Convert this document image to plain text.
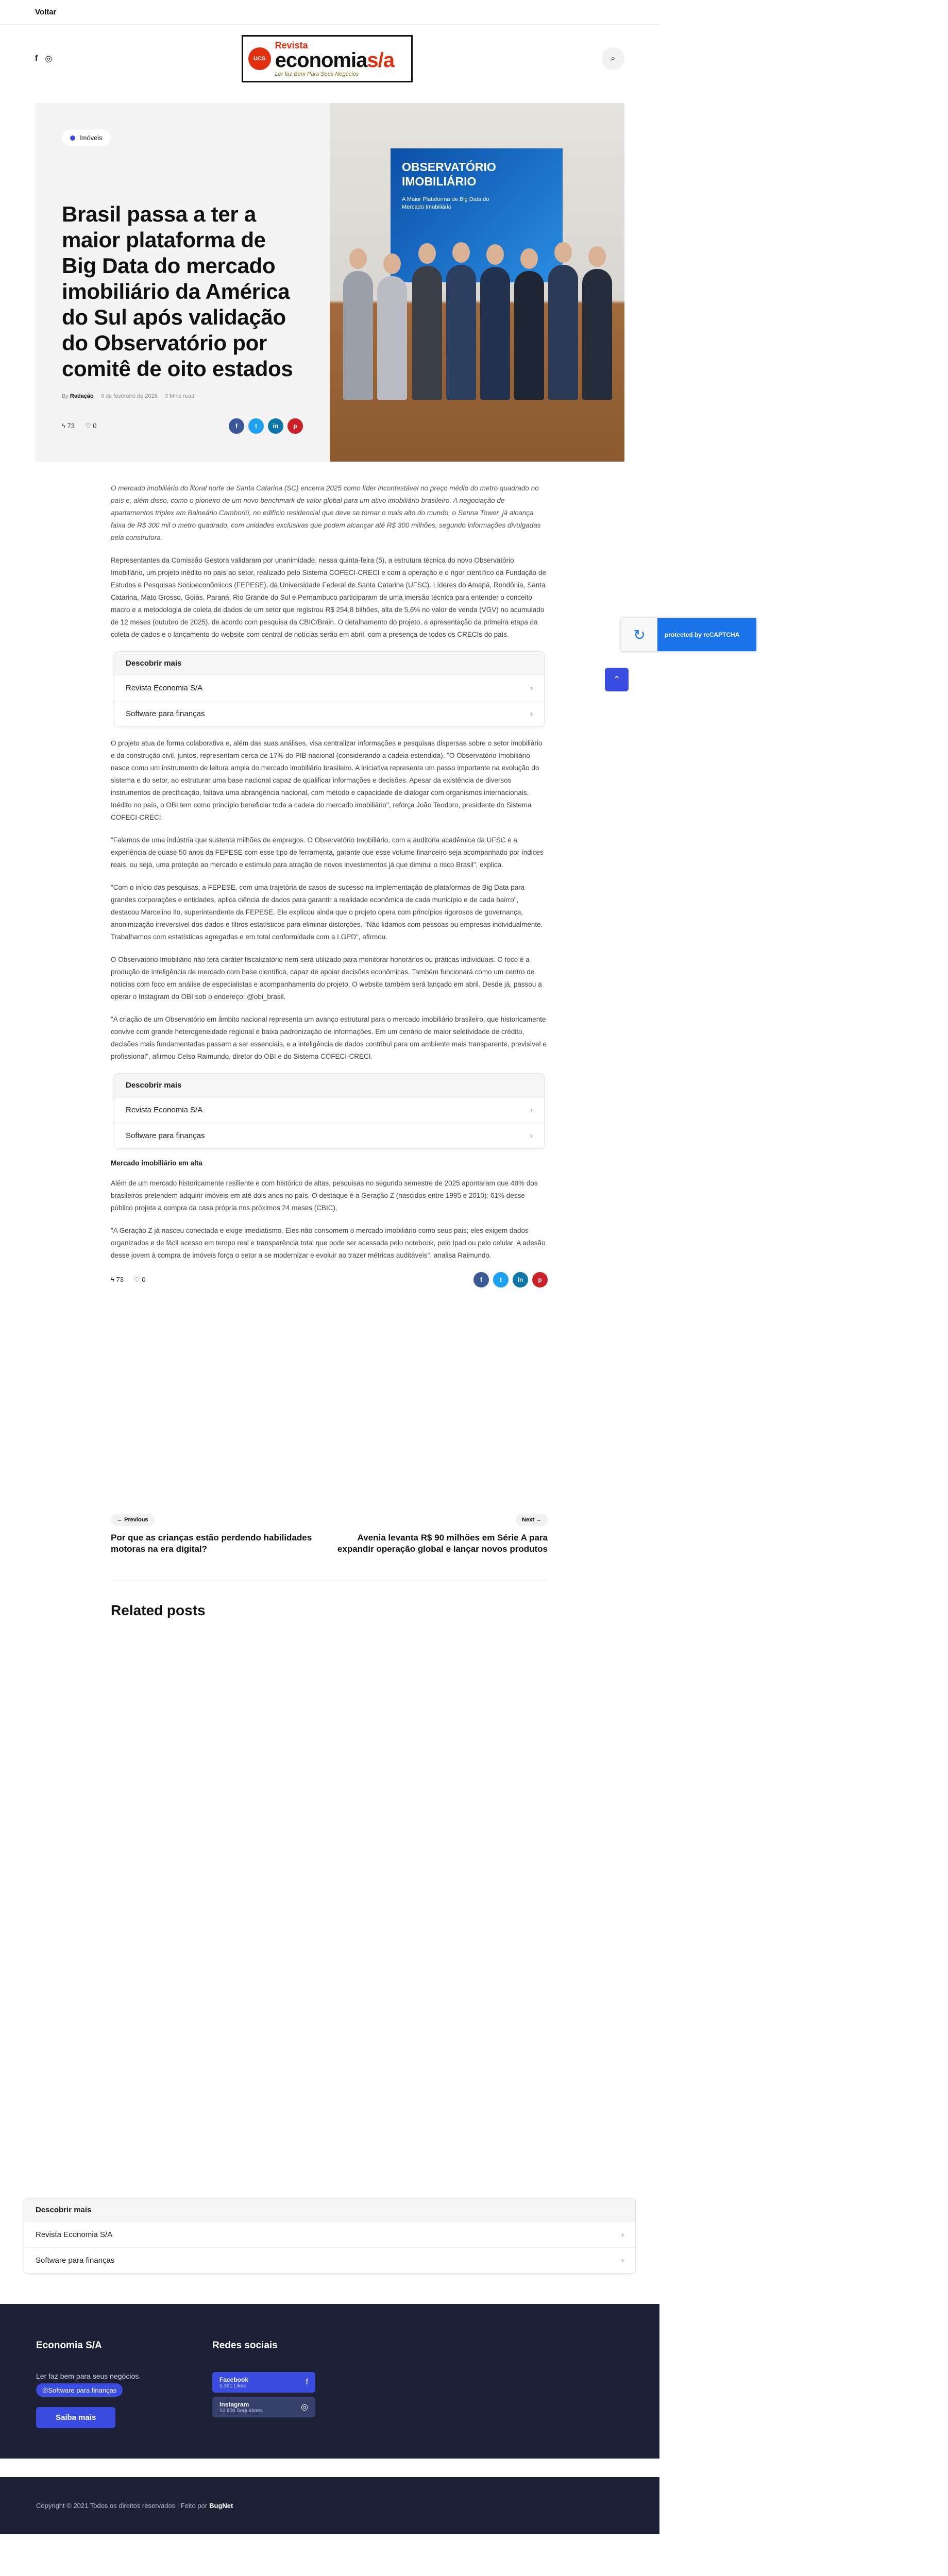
Voltar
f ◎	UCS
Revista
economias/a
Ler faz Bem Para Seus Negócios
⌕
Imóveis
Brasil passa a ter a maior plataforma de Big Data do mercado imobiliário da América do Sul após validação do Observatório por comitê de oito estados
By Redação 9 de fevereiro de 2026 3 Mins read
ϟ 73 ♡ 0	f	t	in	p
OBSERVATÓRIO IMOBILIÁRIO
A Maior Plataforma de Big Data do Mercado Imobiliário

O mercado imobiliário do litoral norte de Santa Catarina (SC) encerra 2025 como líder incontestável no preço médio do metro quadrado no país e, além disso, como o pioneiro de um novo benchmark de valor global para um ativo imobiliário brasileiro. A negociação de apartamentos tríplex em Balneário Camboriú, no edifício residencial que deve se tornar o mais alto do mundo, o Senna Tower, já alcança faixa de R$ 300 mil o metro quadrado, com unidades exclusivas que podem alcançar até R$ 300 milhões, segundo informações divulgadas pela construtora.

Representantes da Comissão Gestora validaram por unanimidade, nessa quinta-feira (5), a estrutura técnica do novo Observatório Imobiliário, um projeto inédito no país ao setor, realizado pelo Sistema COFECI-CRECI e com a operação e o rigor científico da Fundação de Estudos e Pesquisas Socioeconômicos (FEPESE), da Universidade Federal de Santa Catarina (UFSC). Líderes do Amapá, Rondônia, Santa Catarina, Mato Grosso, Goiás, Paraná, Rio Grande do Sul e Pernambuco participaram de uma imersão técnica para entender o conceito macro e a metodologia de coleta de dados de um setor que registrou R$ 254,8 bilhões, alta de 5,6% no valor de venda (VGV) no acumulado de 12 meses (outubro de 2025), de acordo com pesquisa da CBIC/Brain. O detalhamento do projeto, a apresentação da primeira etapa da coleta de dados e o lançamento do website com central de notícias serão em abril, com a presença de todos os CRECIs do país.

Descobrir mais
Revista Economia S/A	›
Software para finanças	›

O projeto atua de forma colaborativa e, além das suas análises, visa centralizar informações e pesquisas dispersas sobre o setor imobiliário e da construção civil, juntos, representam cerca de 17% do PIB nacional (considerando a cadeia estendida). "O Observatório Imobiliário nasce como um instrumento de leitura ampla do mercado imobiliário brasileiro. A iniciativa representa um passo importante na evolução do sistema e do setor, ao estruturar uma base nacional capaz de qualificar informações e decisões. Apesar da existência de diversos instrumentos de precificação, faltava uma abrangência nacional, com método e capacidade de dialogar com organismos internacionais. Inédito no país, o OBI tem como princípio beneficiar toda a cadeia do mercado imobiliário", reforça João Teodoro, presidente do Sistema COFECI-CRECI.

"Falamos de uma indústria que sustenta milhões de empregos. O Observatório Imobiliário, com a auditoria acadêmica da UFSC e a experiência de quase 50 anos da FEPESE com esse tipo de ferramenta, garante que esse volume financeiro seja acompanhado por índices reais, ou seja, uma proteção ao mercado e estímulo para atração de novos investimentos já que diminui o risco Brasil", explica.

"Com o início das pesquisas, a FEPESE, com uma trajetória de casos de sucesso na implementação de plataformas de Big Data para grandes corporações e entidades, aplica ciência de dados para garantir a realidade econômica de cada município e de cada bairro", destacou Marcelino Ilo, superintendente da FEPESE. Ele explicou ainda que o projeto opera com princípios rigorosos de governança, anonimização irreversível dos dados e filtros estatísticos para eliminar distorções. "Não lidamos com pessoas ou empresas individualmente. Trabalhamos com estatísticas agregadas e em total conformidade com a LGPD", afirmou.

O Observatório Imobiliário não terá caráter fiscalizatório nem será utilizado para monitorar honorários ou práticas individuais. O foco é a produção de inteligência de mercado com base científica, capaz de apoiar decisões econômicas. Também funcionará como um centro de notícias com foco em análise de especialistas e acompanhamento do projeto. O website também será lançado em abril. Desde já, passou a operar o Instagram do OBI sob o endereço: @obi_brasil.

"A criação de um Observatório em âmbito nacional representa um avanço estrutural para o mercado imobiliário brasileiro, que historicamente convive com grande heterogeneidade regional e baixa padronização de informações. Em um cenário de maior seletividade de crédito, decisões mais fundamentadas passam a ser essenciais, e a inteligência de dados contribui para um ambiente mais transparente, previsível e profissional", afirmou Celso Raimundo, diretor do OBI e do Sistema COFECI-CRECI.

Descobrir mais
Revista Economia S/A	›
Software para finanças	›
Mercado imobiliário em alta

Além de um mercado historicamente resiliente e com histórico de altas, pesquisas no segundo semestre de 2025 apontaram que 48% dos brasileiros pretendem adquirir imóveis em até dois anos no país. O destaque é a Geração Z (nascidos entre 1995 e 2010): 61% desse público projeta a compra da casa própria nos próximos 24 meses (CBIC).

"A Geração Z já nasceu conectada e exige imediatismo. Eles não consomem o mercado imobiliário como seus pais; eles exigem dados organizados e de fácil acesso em tempo real e transparência total que pode ser acessada pelo notebook, pelo Ipad ou pelo celular. A adesão desse jovem à compra de imóveis força o setor a se modernizar e evoluir ao trazer métricas auditáveis", analisa Raimundo.

ϟ 73 ♡ 0	f	t	in	p
← Previous
Por que as crianças estão perdendo habilidades motoras na era digital?
Next →
Avenia levanta R$ 90 milhões em Série A para expandir operação global e lançar novos produtos
Related posts
Descobrir mais
Revista Economia S/A	›
Software para finanças	›
Economia S/A

Ler faz bem para seus negócios.

◎ Software para finanças

Saiba mais
Redes sociais
Facebook
5.361 Likes	f
Instagram
12.600 Seguidores	◎
Copyright © 2021 Todos os direitos reservados | Feito por BugNet
↻	protected by reCAPTCHA
⌃
